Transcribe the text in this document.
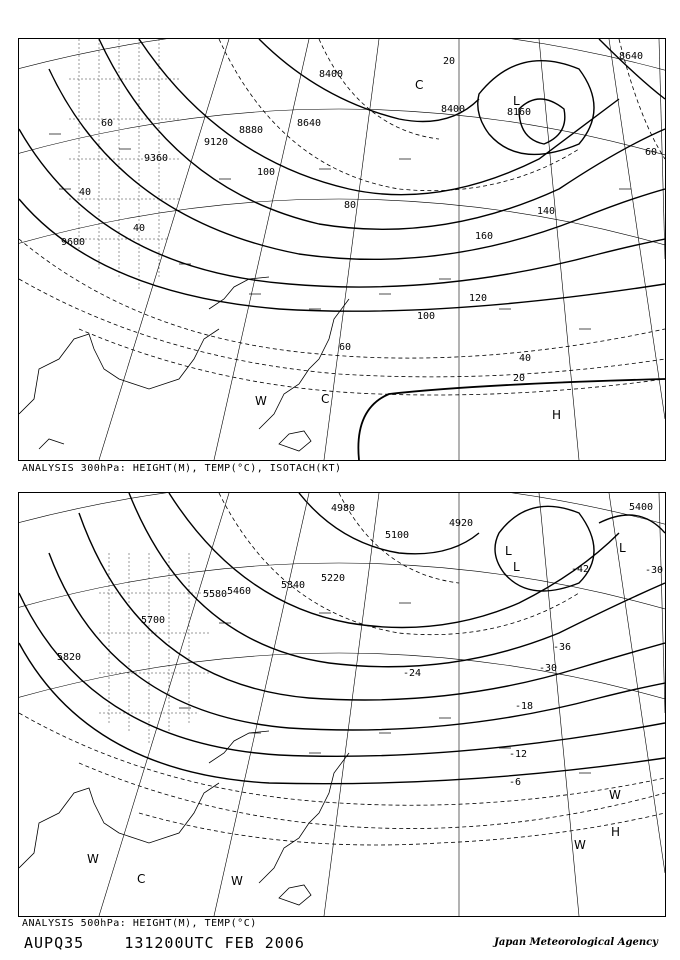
8400
8640
8880
9120
9360
9600
8160
8400
8640
20
40
60
80
100
120
140
160
100
60
40
20
40
60
L
C
H
W	C
ANALYSIS 300hPa: HEIGHT(M), TEMP(°C), ISOTACH(KT)
5100
5220
5340
5460
5580
5700
5820
4980
4920
5400
-42
-36
-30
-24
-18
-12
-6
-30
L
L
L
H
W
W
C
W
W
ANALYSIS 500hPa: HEIGHT(M), TEMP(°C)
AUPQ35	131200UTC FEB 2006	Japan Meteorological Agency
